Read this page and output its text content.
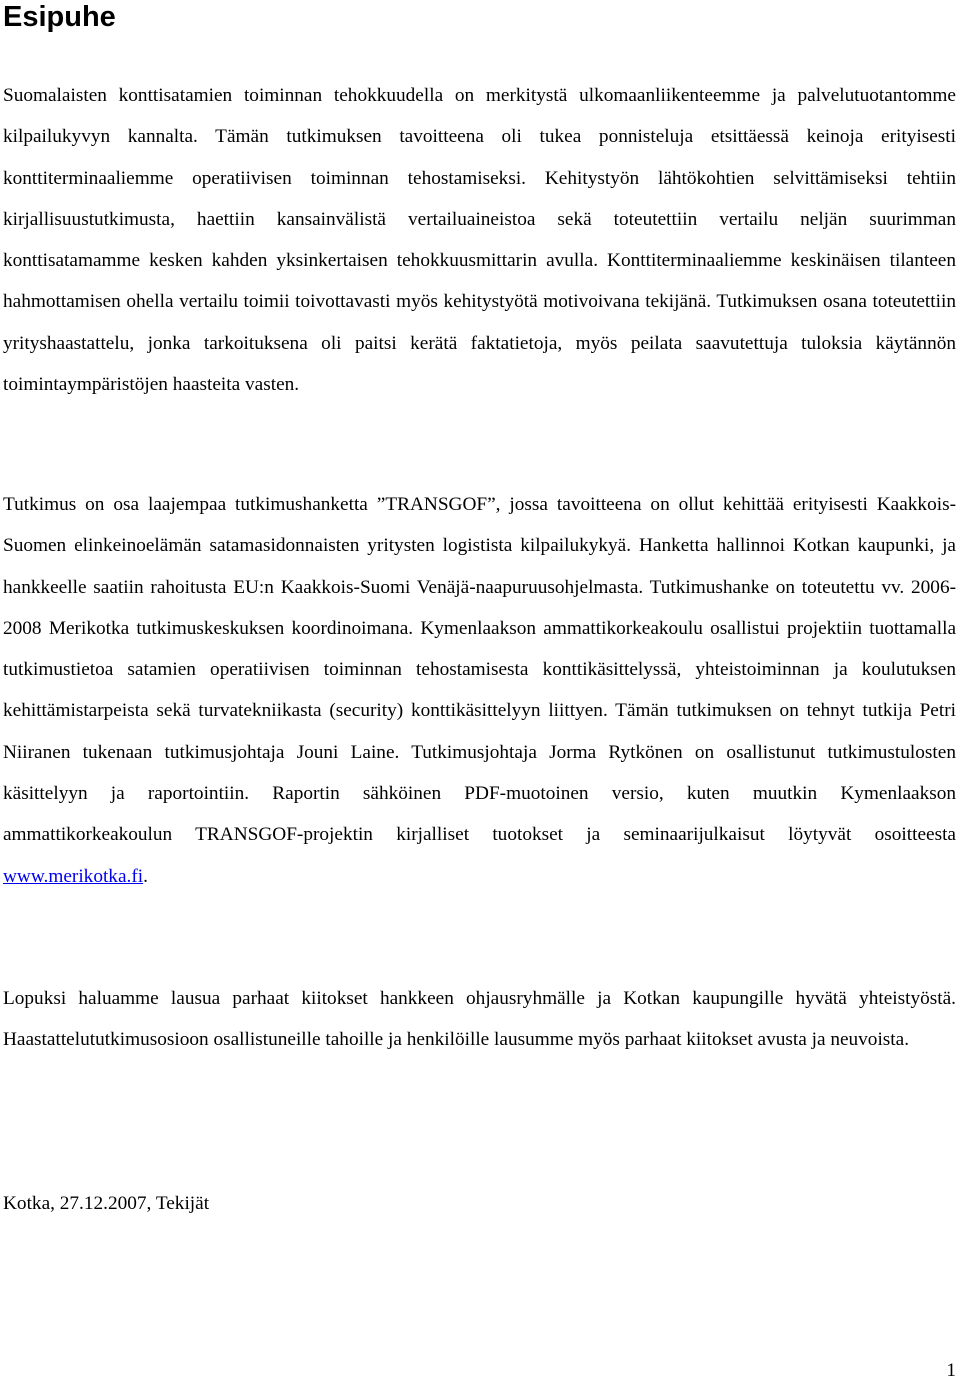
Esipuhe

Suomalaisten konttisatamien toiminnan tehokkuudella on merkitystä ulkomaanliikenteemme ja palvelutuotantomme kilpailukyvyn kannalta. Tämän tutkimuksen tavoitteena oli tukea ponnisteluja etsittäessä keinoja erityisesti konttiterminaaliemme operatiivisen toiminnan tehostamiseksi. Kehitystyön lähtökohtien selvittämiseksi tehtiin kirjallisuustutkimusta, haettiin kansainvälistä vertailuaineistoa sekä toteutettiin vertailu neljän suurimman konttisatamamme kesken kahden yksinkertaisen tehokkuusmittarin avulla. Konttiterminaaliemme keskinäisen tilanteen hahmottamisen ohella vertailu toimii toivottavasti myös kehitystyötä motivoivana tekijänä. Tutkimuksen osana toteutettiin yrityshaastattelu, jonka tarkoituksena oli paitsi kerätä faktatietoja, myös peilata saavutettuja tuloksia käytännön toimintaympäristöjen haasteita vasten.

Tutkimus on osa laajempaa tutkimushanketta ”TRANSGOF”, jossa tavoitteena on ollut kehittää erityisesti Kaakkois-Suomen elinkeinoelämän satamasidonnaisten yritysten logistista kilpailukykyä. Hanketta hallinnoi Kotkan kaupunki, ja hankkeelle saatiin rahoitusta EU:n Kaakkois-Suomi Venäjä-naapuruusohjelmasta. Tutkimushanke on toteutettu vv. 2006-2008 Merikotka tutkimuskeskuksen koordinoimana. Kymenlaakson ammattikorkeakoulu osallistui projektiin tuottamalla tutkimustietoa satamien operatiivisen toiminnan tehostamisesta konttikäsittelyssä, yhteistoiminnan ja koulutuksen kehittämistarpeista sekä turvatekniikasta (security) konttikäsittelyyn liittyen. Tämän tutkimuksen on tehnyt tutkija Petri Niiranen tukenaan tutkimusjohtaja Jouni Laine. Tutkimusjohtaja Jorma Rytkönen on osallistunut tutkimustulosten käsittelyyn ja raportointiin. Raportin sähköinen PDF-muotoinen versio, kuten muutkin Kymenlaakson ammattikorkeakoulun TRANSGOF-projektin kirjalliset tuotokset ja seminaarijulkaisut löytyvät osoitteesta www.merikotka.fi.

Lopuksi haluamme lausua parhaat kiitokset hankkeen ohjausryhmälle ja Kotkan kaupungille hyvätä yhteistyöstä. Haastattelututkimusosioon osallistuneille tahoille ja henkilöille lausumme myös parhaat kiitokset avusta ja neuvoista.

Kotka, 27.12.2007, Tekijät

1
